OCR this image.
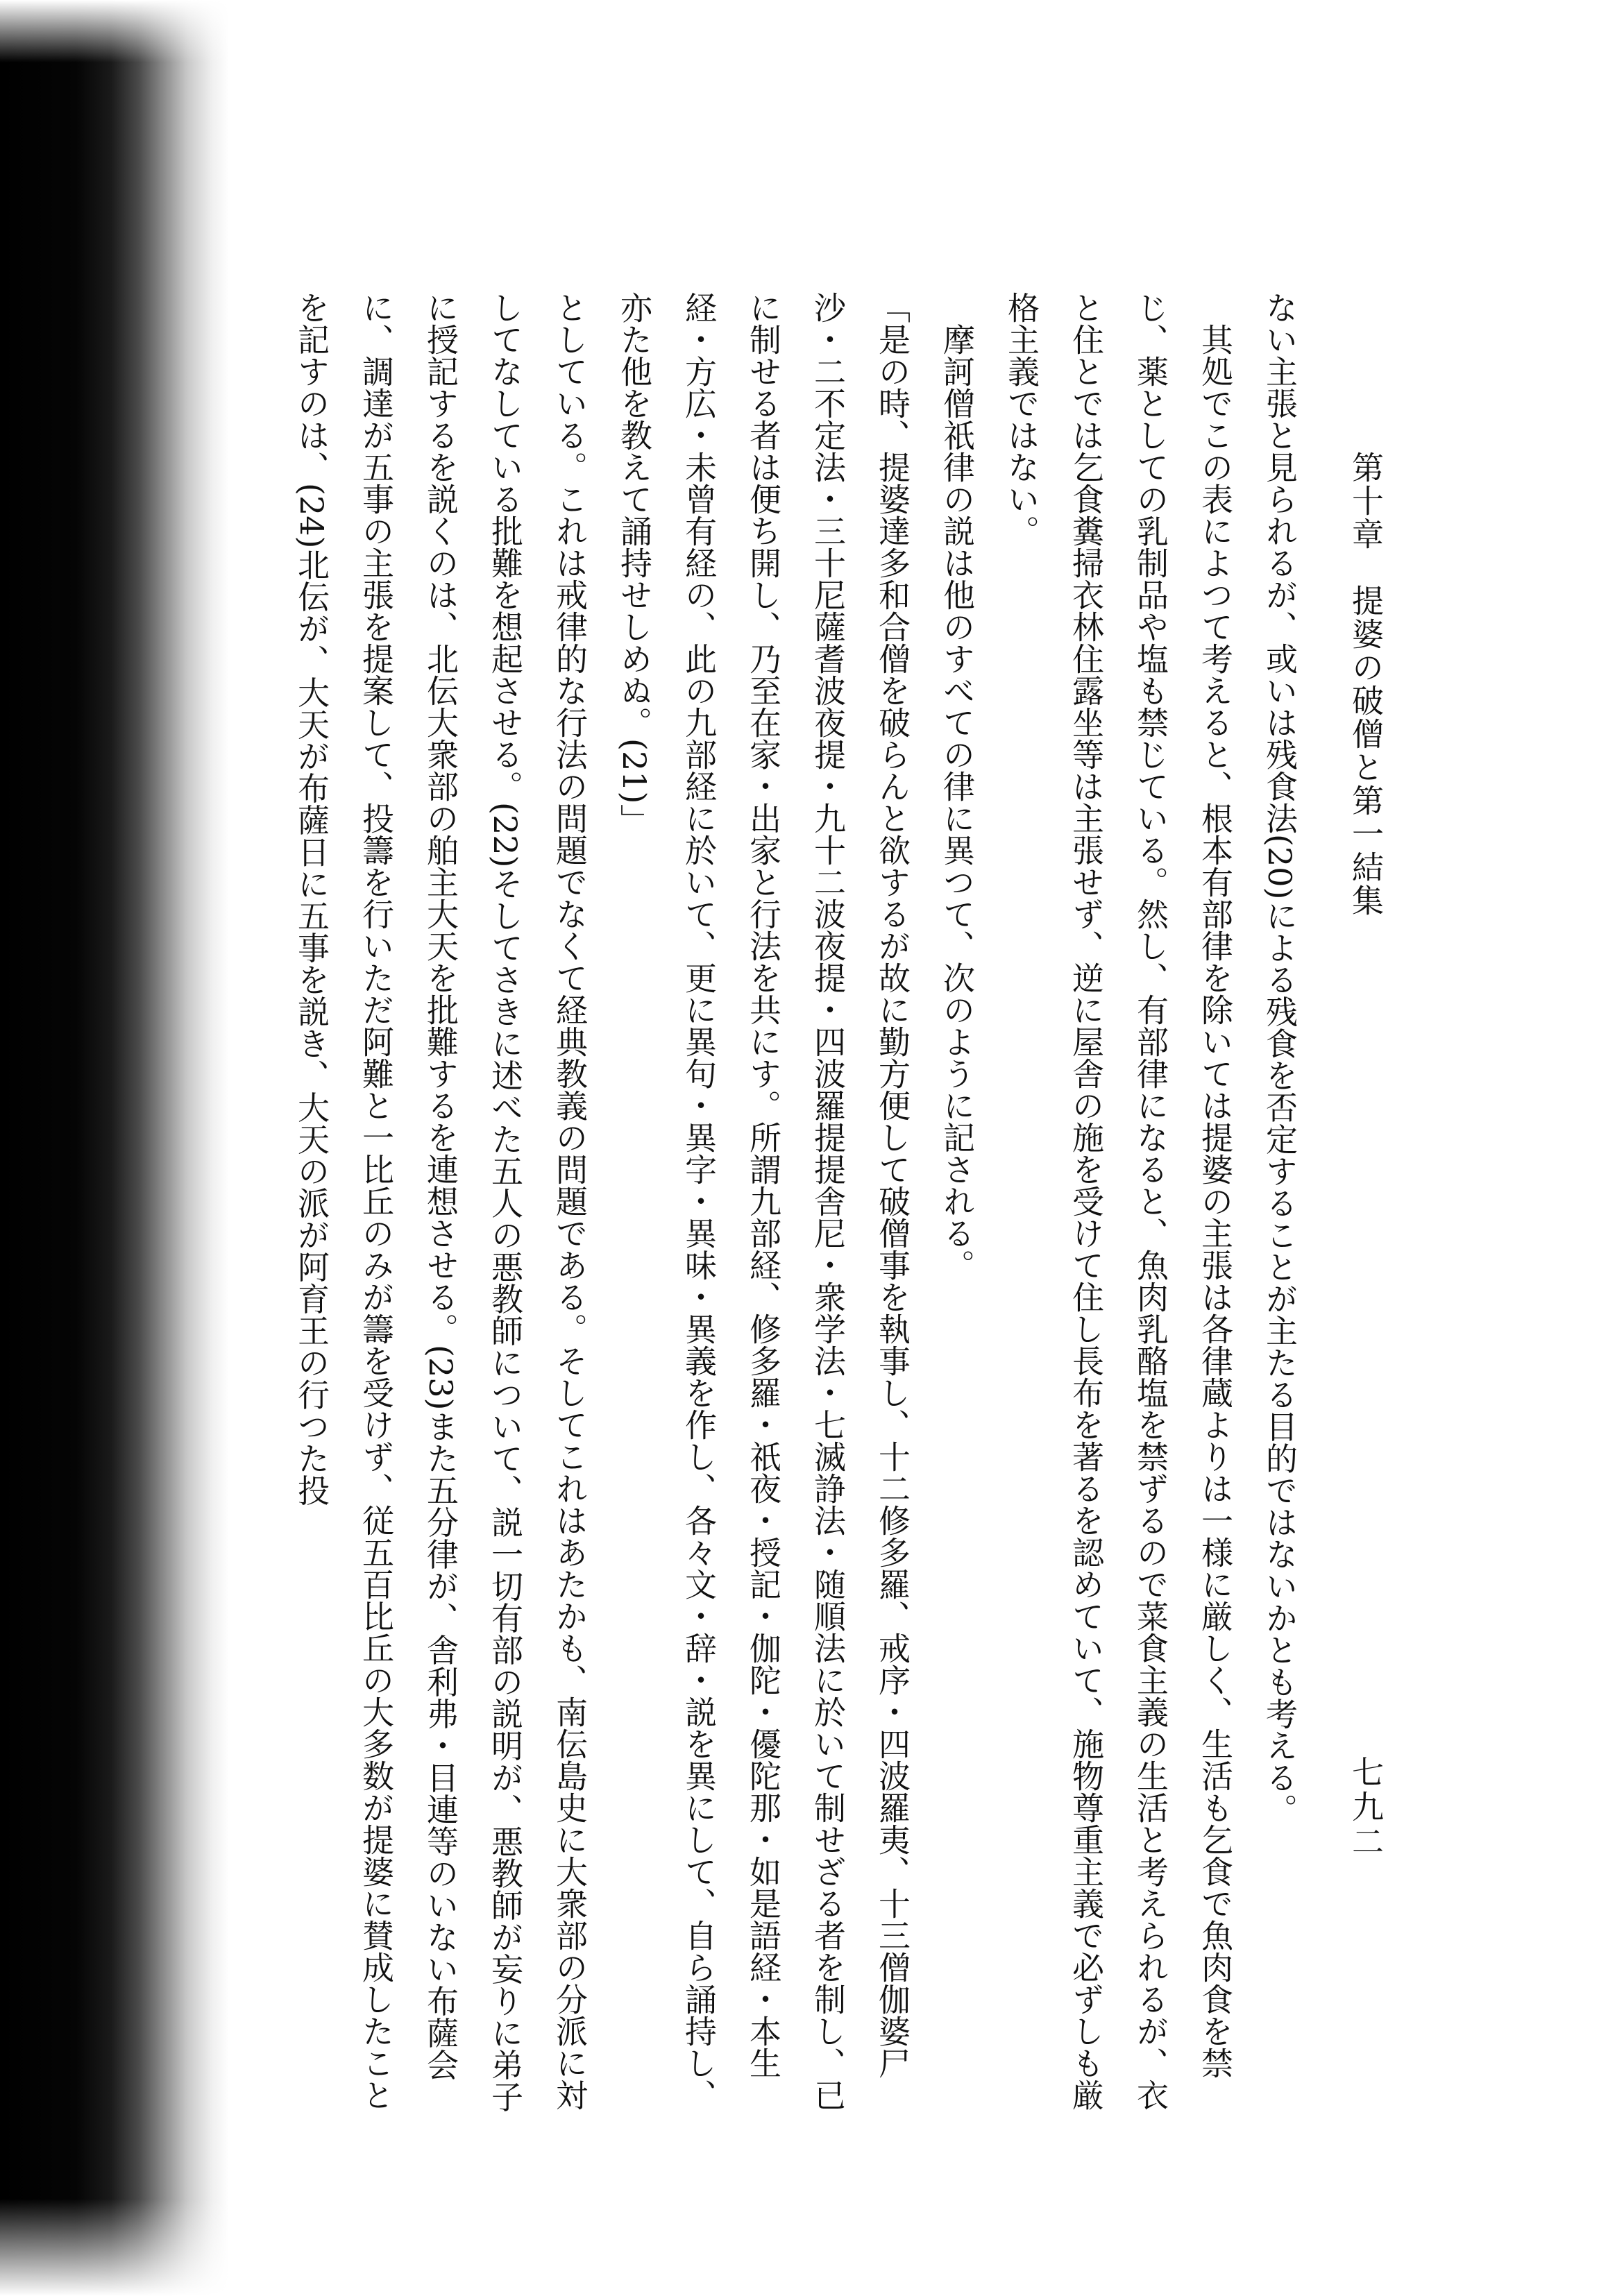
第十章　提婆の破僧と第一結集
七九二

ない主張と見られるが、或いは残食法(20)による残食を否定することが主たる目的ではないかとも考える。

　其処でこの表によつて考えると、根本有部律を除いては提婆の主張は各律蔵よりは一様に厳しく、生活も乞食で魚肉食を禁じ、薬としての乳制品や塩も禁じている。然し、有部律になると、魚肉乳酪塩を禁ずるので菜食主義の生活と考えられるが、衣と住とでは乞食糞掃衣林住露坐等は主張せず、逆に屋舎の施を受けて住し長布を著るを認めていて、施物尊重主義で必ずしも厳格主義ではない。

　摩訶僧祇律の説は他のすべての律に異つて、次のように記される。

「是の時、提婆達多和合僧を破らんと欲するが故に勤方便して破僧事を執事し、十二修多羅、戒序・四波羅夷、十三僧伽婆尸沙・二不定法・三十尼薩耆波夜提・九十二波夜提・四波羅提提舎尼・衆学法・七滅諍法・随順法に於いて制せざる者を制し、已に制せる者は便ち開し、乃至在家・出家と行法を共にす。所謂九部経、修多羅・祇夜・授記・伽陀・優陀那・如是語経・本生経・方広・未曾有経の、此の九部経に於いて、更に異句・異字・異味・異義を作し、各々文・辞・説を異にして、自ら誦持し、亦た他を教えて誦持せしめぬ。(21)」

としている。これは戒律的な行法の問題でなくて経典教義の問題である。そしてこれはあたかも、南伝島史に大衆部の分派に対してなしている批難を想起させる。(22)そしてさきに述べた五人の悪教師について、説一切有部の説明が、悪教師が妄りに弟子に授記するを説くのは、北伝大衆部の舶主大天を批難するを連想させる。(23)また五分律が、舎利弗・目連等のいない布薩会に、調達が五事の主張を提案して、投籌を行いただ阿難と一比丘のみが籌を受けず、従五百比丘の大多数が提婆に賛成したことを記すのは、(24)北伝が、大天が布薩日に五事を説き、大天の派が阿育王の行つた投
